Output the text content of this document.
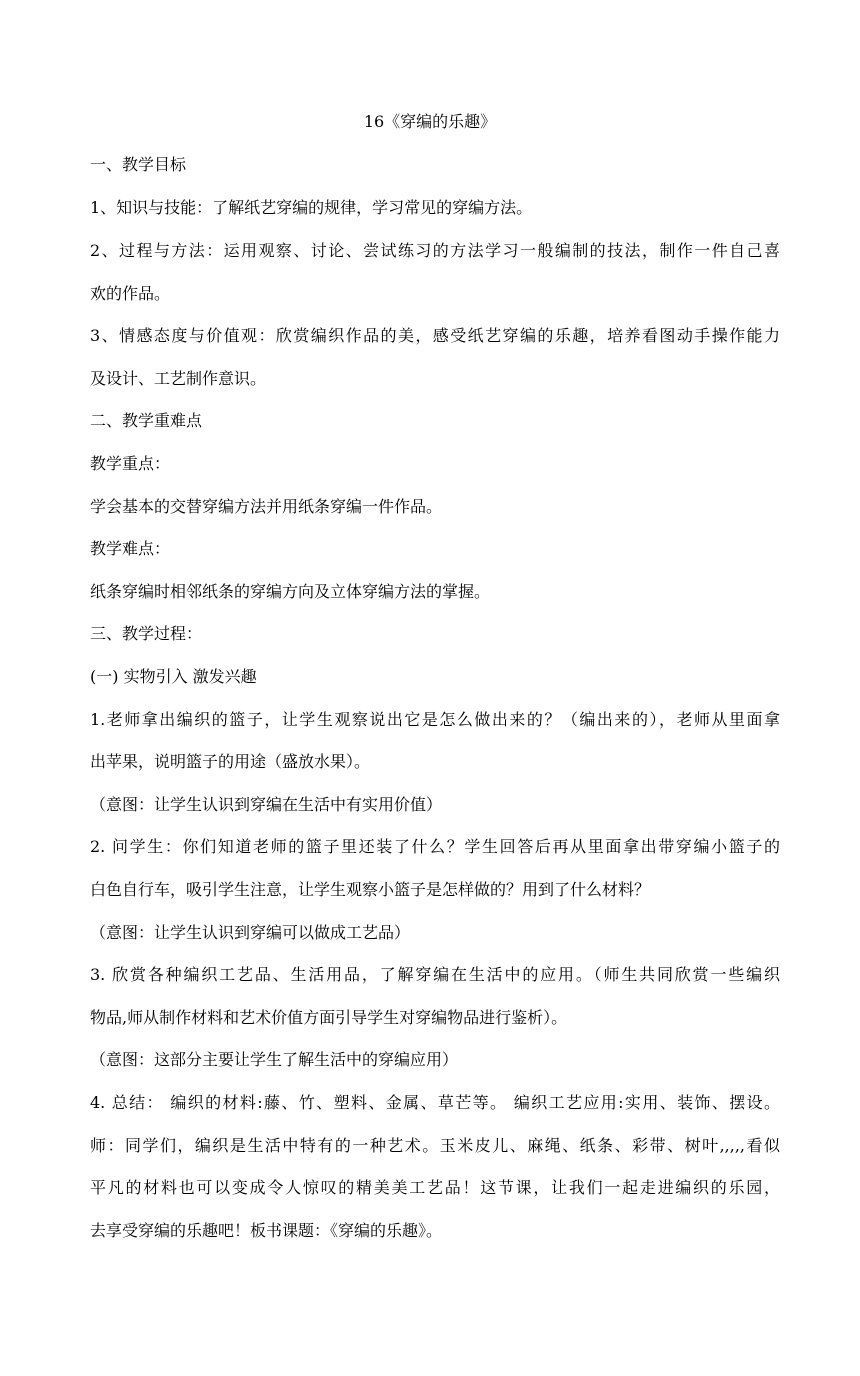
16《穿编的乐趣》
一、教学目标
1、知识与技能：了解纸艺穿编的规律，学习常见的穿编方法。
2、过程与方法：运用观察、讨论、尝试练习的方法学习一般编制的技法，制作一件自己喜
欢的作品。
3、情感态度与价值观：欣赏编织作品的美，感受纸艺穿编的乐趣，培养看图动手操作能力
及设计、工艺制作意识。
二、教学重难点
教学重点：
学会基本的交替穿编方法并用纸条穿编一件作品。
教学难点：
纸条穿编时相邻纸条的穿编方向及立体穿编方法的掌握。
三、教学过程：
(一) 实物引入 激发兴趣
1.老师拿出编织的篮子，让学生观察说出它是怎么做出来的？（编出来的），老师从里面拿
出苹果，说明篮子的用途（盛放水果）。
（意图：让学生认识到穿编在生活中有实用价值）
2. 问学生：你们知道老师的篮子里还装了什么？学生回答后再从里面拿出带穿编小篮子的
白色自行车，吸引学生注意，让学生观察小篮子是怎样做的？用到了什么材料？
（意图：让学生认识到穿编可以做成工艺品）
3. 欣赏各种编织工艺品、生活用品，了解穿编在生活中的应用。（师生共同欣赏一些编织
物品,师从制作材料和艺术价值方面引导学生对穿编物品进行鉴析）。
（意图：这部分主要让学生了解生活中的穿编应用）
4. 总结： 编织的材料:藤、竹、塑料、金属、草芒等。 编织工艺应用:实用、装饰、摆设。
师：同学们，编织是生活中特有的一种艺术。玉米皮儿、麻绳、纸条、彩带、树叶,,,,,看似
平凡的材料也可以变成令人惊叹的精美美工艺品！这节课，让我们一起走进编织的乐园，
去享受穿编的乐趣吧！板书课题：《穿编的乐趣》。
